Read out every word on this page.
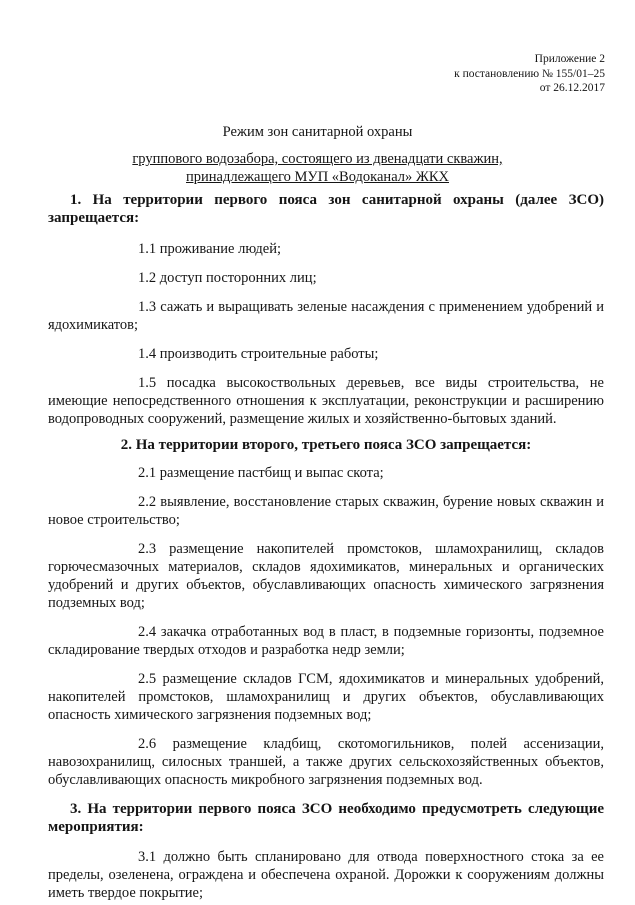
Приложение 2
к постановлению № 155/01–25
от 26.12.2017
Режим зон санитарной охраны
группового водозабора, состоящего из двенадцати скважин,
принадлежащего МУП «Водоканал» ЖКХ

1. На территории первого пояса зон санитарной охраны (далее ЗСО) запрещается:

1.1 проживание людей;

1.2 доступ посторонних лиц;

1.3 сажать и выращивать зеленые насаждения с применением удобрений и ядохимикатов;

1.4 производить строительные работы;

1.5 посадка высокоствольных деревьев, все виды строительства, не имеющие непосредственного отношения к эксплуатации, реконструкции и расширению водопроводных сооружений, размещение жилых и хозяйственно-бытовых зданий.

2. На территории второго, третьего пояса ЗСО запрещается:

2.1 размещение пастбищ и выпас скота;

2.2 выявление, восстановление старых скважин, бурение новых скважин и новое строительство;

2.3 размещение накопителей промстоков, шламохранилищ, складов горючесмазочных материалов, складов ядохимикатов, минеральных и органических удобрений и других объектов, обуславливающих опасность химического загрязнения подземных вод;

2.4 закачка отработанных вод в пласт, в подземные горизонты, подземное складирование твердых отходов и разработка недр земли;

2.5 размещение складов ГСМ, ядохимикатов и минеральных удобрений, накопителей промстоков, шламохранилищ и других объектов, обуславливающих опасность химического загрязнения подземных вод;

2.6 размещение кладбищ, скотомогильников, полей ассенизации, навозохранилищ, силосных траншей, а также других сельскохозяйственных объектов, обуславливающих опасность микробного загрязнения подземных вод.

3. На территории первого пояса ЗСО необходимо предусмотреть следующие мероприятия:

3.1 должно быть спланировано для отвода поверхностного стока за ее пределы, озеленена, ограждена и обеспечена охраной. Дорожки к сооружениям должны иметь твердое покрытие;
